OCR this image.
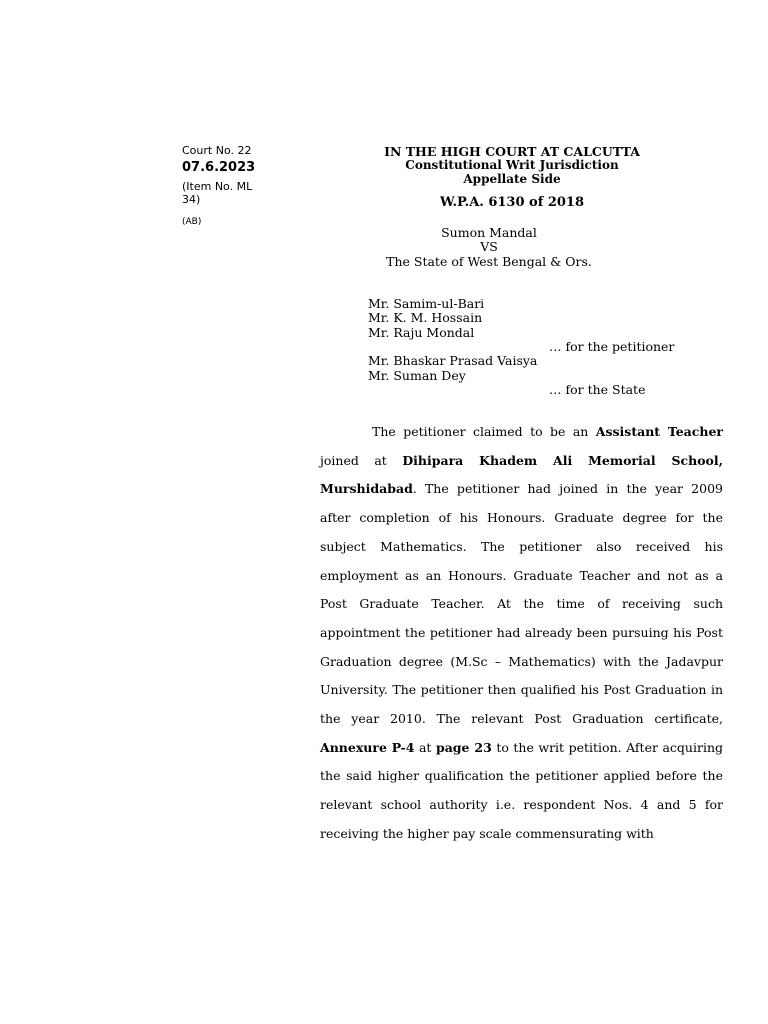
Court No. 22
07.6.2023
(Item No. ML
34)
(AB)
IN THE HIGH COURT AT CALCUTTA
Constitutional Writ Jurisdiction
Appellate Side
W.P.A. 6130 of 2018
Sumon Mandal
VS
The State of West Bengal & Ors.
Mr. Samim-ul-Bari
Mr. K. M. Hossain
Mr. Raju Mondal
… for the petitioner
Mr. Bhaskar Prasad Vaisya
Mr. Suman Dey
… for the State

The petitioner claimed to be an Assistant Teacher joined at Dihipara Khadem Ali Memorial School, Murshidabad. The petitioner had joined in the year 2009 after completion of his Honours. Graduate degree for the subject Mathematics. The petitioner also received his employment as an Honours. Graduate Teacher and not as a Post Graduate Teacher. At the time of receiving such appointment the petitioner had already been pursuing his Post Graduation degree (M.Sc – Mathematics) with the Jadavpur University. The petitioner then qualified his Post Graduation in the year 2010. The relevant Post Graduation certificate, Annexure P-4 at page 23 to the writ petition. After acquiring the said higher qualification the petitioner applied before the relevant school authority i.e. respondent Nos. 4 and 5 for receiving the higher pay scale commensurating with
